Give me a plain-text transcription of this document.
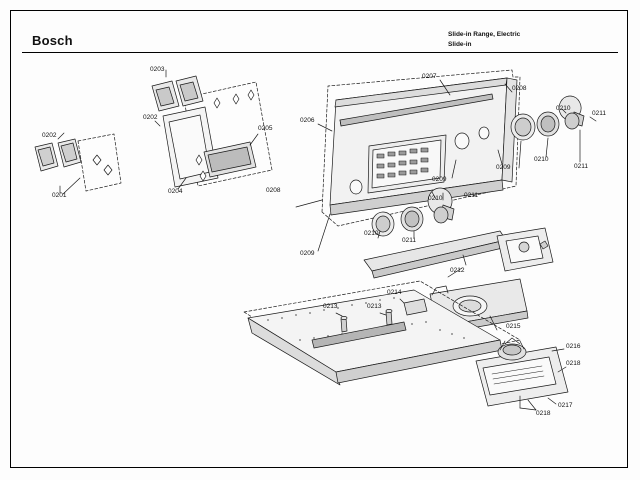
Bosch	Slide-in Range, Electric
Slide-in
0201
0202
0202
0203
0204
0205
0206
0207
0208
0208
0209
0209
0209
0210
0210
0210
0210
0211
0211
0211
0211
0212
0213	0213
0214
0215
0216
0217
0218
0218
